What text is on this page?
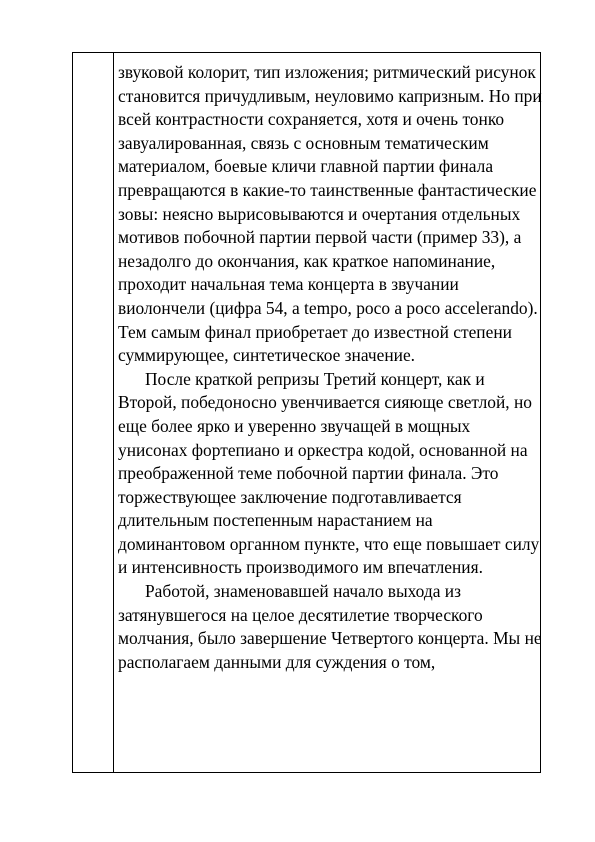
звуковой колорит, тип изложения; ритмический рисунок становится причудливым, неуловимо капризным. Но при всей контрастности сохраняется, хотя и очень тонко завуалированная, связь с основным тематическим материалом, боевые кличи главной партии финала превращаются в какие-то таинственные фантастические зовы: неясно вырисовываются и очертания отдельных мотивов побочной партии первой части (пример 33), а незадолго до окончания, как краткое напоминание, проходит начальная тема концерта в звучании виолончели (цифра 54, a tempo, poco a poco accelerando). Тем самым финал приобретает до известной степени суммирующее, синтетическое значение.

После краткой репризы Третий концерт, как и Второй, победоносно увенчивается сияюще светлой, но еще более ярко и уверенно звучащей в мощных унисонах фортепиано и оркестра кодой, основанной на преображенной теме побочной партии финала. Это торжествующее заключение подготавливается длительным постепенным нарастанием на доминантовом органном пункте, что еще повышает силу и интенсивность производимого им впечатления.

Работой, знаменовавшей начало выхода из затянувшегося на целое десятилетие творческого молчания, было завершение Четвертого концерта. Мы не располагаем данными для суждения о том,
